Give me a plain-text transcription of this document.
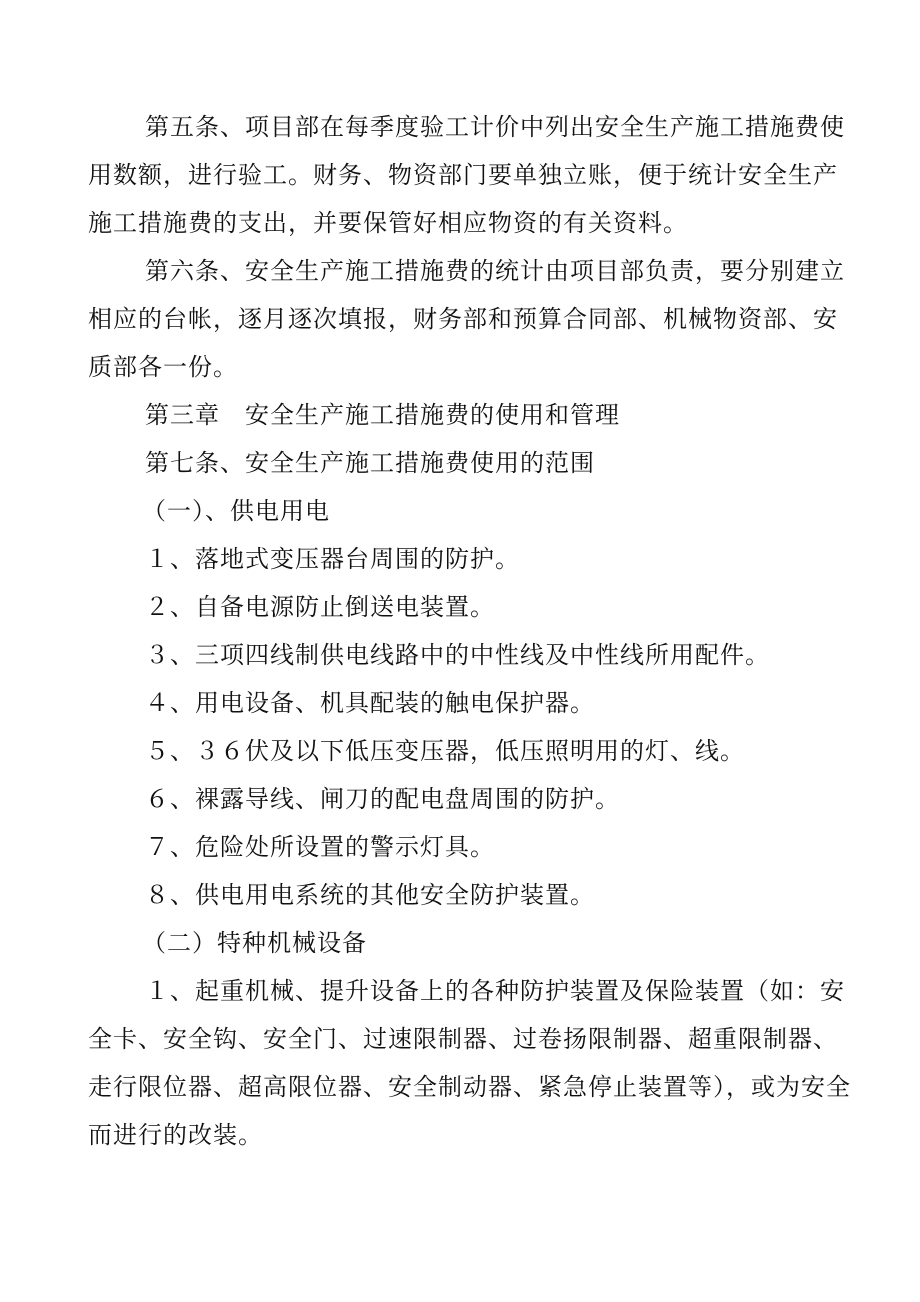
第五条、项目部在每季度验工计价中列出安全生产施工措施费使
用数额，进行验工。财务、物资部门要单独立账，便于统计安全生产
施工措施费的支出，并要保管好相应物资的有关资料。
第六条、安全生产施工措施费的统计由项目部负责，要分别建立
相应的台帐，逐月逐次填报，财务部和预算合同部、机械物资部、安
质部各一份。
第三章　安全生产施工措施费的使用和管理
第七条、安全生产施工措施费使用的范围
（一）、供电用电
１、落地式变压器台周围的防护。
２、自备电源防止倒送电装置。
３、三项四线制供电线路中的中性线及中性线所用配件。
４、用电设备、机具配装的触电保护器。
５、３６伏及以下低压变压器，低压照明用的灯、线。
６、裸露导线、闸刀的配电盘周围的防护。
７、危险处所设置的警示灯具。
８、供电用电系统的其他安全防护装置。
（二）特种机械设备
１、起重机械、提升设备上的各种防护装置及保险装置（如：安
全卡、安全钩、安全门、过速限制器、过卷扬限制器、超重限制器、
走行限位器、超高限位器、安全制动器、紧急停止装置等），或为安全
而进行的改装。
